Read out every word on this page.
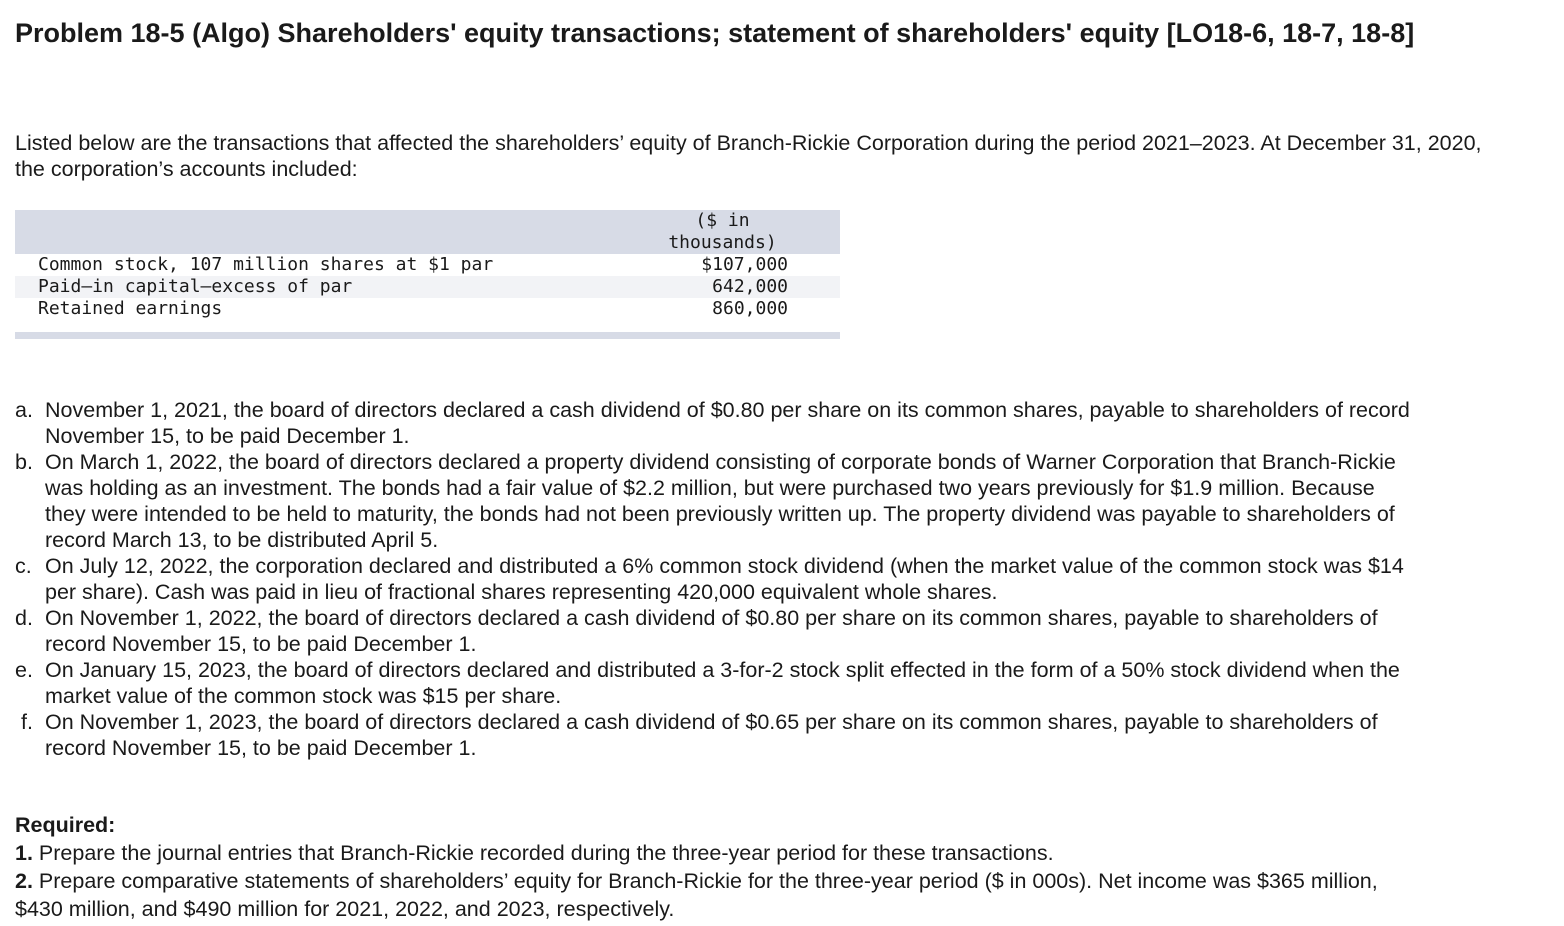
Problem 18-5 (Algo) Shareholders' equity transactions; statement of shareholders' equity [LO18-6, 18-7, 18-8]

Listed below are the transactions that affected the shareholders’ equity of Branch-Rickie Corporation during the period 2021–2023. At December 31, 2020, the corporation’s accounts included:

	($ in
thousands)
Common stock, 107 million shares at $1 par	$107,000
Paid–in capital–excess of par	642,000
Retained earnings	860,000

a. November 1, 2021, the board of directors declared a cash dividend of $0.80 per share on its common shares, payable to shareholders of record November 15, to be paid December 1.
b. On March 1, 2022, the board of directors declared a property dividend consisting of corporate bonds of Warner Corporation that Branch-Rickie was holding as an investment. The bonds had a fair value of $2.2 million, but were purchased two years previously for $1.9 million. Because they were intended to be held to maturity, the bonds had not been previously written up. The property dividend was payable to shareholders of record March 13, to be distributed April 5.
c. On July 12, 2022, the corporation declared and distributed a 6% common stock dividend (when the market value of the common stock was $14 per share). Cash was paid in lieu of fractional shares representing 420,000 equivalent whole shares.
d. On November 1, 2022, the board of directors declared a cash dividend of $0.80 per share on its common shares, payable to shareholders of record November 15, to be paid December 1.
e. On January 15, 2023, the board of directors declared and distributed a 3-for-2 stock split effected in the form of a 50% stock dividend when the market value of the common stock was $15 per share.
f. On November 1, 2023, the board of directors declared a cash dividend of $0.65 per share on its common shares, payable to shareholders of record November 15, to be paid December 1.

Required:

1. Prepare the journal entries that Branch-Rickie recorded during the three-year period for these transactions.
2. Prepare comparative statements of shareholders’ equity for Branch-Rickie for the three-year period ($ in 000s). Net income was $365 million, $430 million, and $490 million for 2021, 2022, and 2023, respectively.
